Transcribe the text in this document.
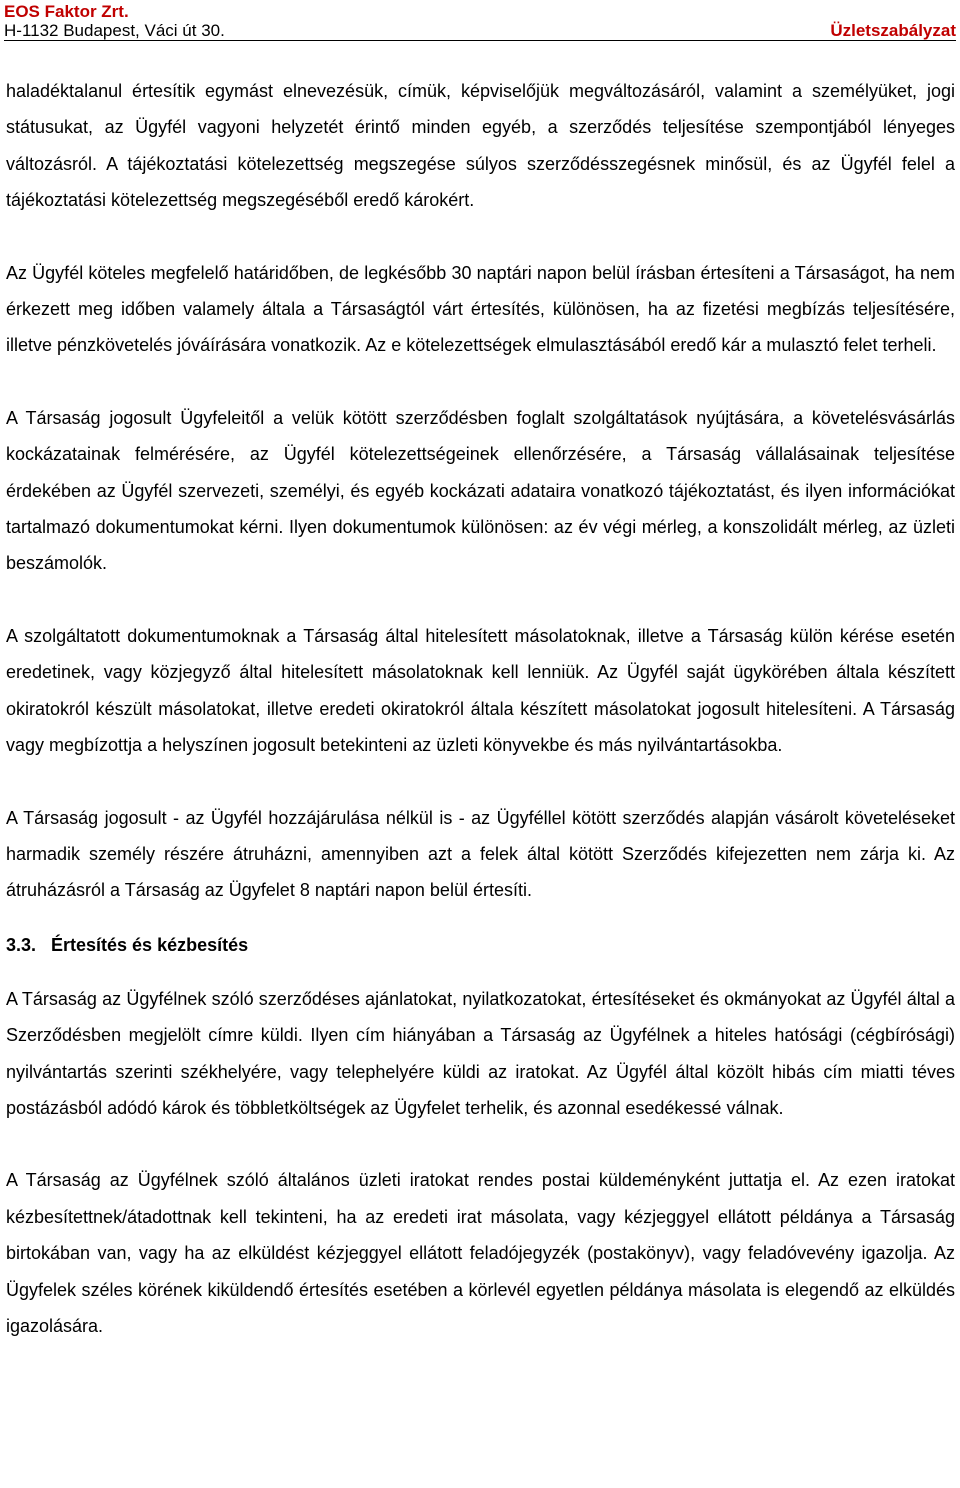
EOS Faktor Zrt.
H-1132 Budapest, Váci út 30.	Üzletszabályzat

haladéktalanul értesítik egymást elnevezésük, címük, képviselőjük megváltozásáról, valamint a személyüket, jogi státusukat, az Ügyfél vagyoni helyzetét érintő minden egyéb, a szerződés teljesítése szempontjából lényeges változásról. A tájékoztatási kötelezettség megszegése súlyos szerződésszegésnek minősül, és az Ügyfél felel a tájékoztatási kötelezettség megszegéséből eredő károkért.

Az Ügyfél köteles megfelelő határidőben, de legkésőbb 30 naptári napon belül írásban értesíteni a Társaságot, ha nem érkezett meg időben valamely általa a Társaságtól várt értesítés, különösen, ha az fizetési megbízás teljesítésére, illetve pénzkövetelés jóváírására vonatkozik. Az e kötelezettségek elmulasztásából eredő kár a mulasztó felet terheli.

A Társaság jogosult Ügyfeleitől a velük kötött szerződésben foglalt szolgáltatások nyújtására, a követelésvásárlás kockázatainak felmérésére, az Ügyfél kötelezettségeinek ellenőrzésére, a Társaság vállalásainak teljesítése érdekében az Ügyfél szervezeti, személyi, és egyéb kockázati adataira vonatkozó tájékoztatást, és ilyen információkat tartalmazó dokumentumokat kérni. Ilyen dokumentumok különösen: az év végi mérleg, a konszolidált mérleg, az üzleti beszámolók.

A szolgáltatott dokumentumoknak a Társaság által hitelesített másolatoknak, illetve a Társaság külön kérése esetén eredetinek, vagy közjegyző által hitelesített másolatoknak kell lenniük. Az Ügyfél saját ügykörében általa készített okiratokról készült másolatokat, illetve eredeti okiratokról általa készített másolatokat jogosult hitelesíteni. A Társaság vagy megbízottja a helyszínen jogosult betekinteni az üzleti könyvekbe és más nyilvántartásokba.

A Társaság jogosult - az Ügyfél hozzájárulása nélkül is - az Ügyféllel kötött szerződés alapján vásárolt követeléseket harmadik személy részére átruházni, amennyiben azt a felek által kötött Szerződés kifejezetten nem zárja ki. Az átruházásról a Társaság az Ügyfelet 8 naptári napon belül értesíti.

3.3. Értesítés és kézbesítés

A Társaság az Ügyfélnek szóló szerződéses ajánlatokat, nyilatkozatokat, értesítéseket és okmányokat az Ügyfél által a Szerződésben megjelölt címre küldi. Ilyen cím hiányában a Társaság az Ügyfélnek a hiteles hatósági (cégbírósági) nyilvántartás szerinti székhelyére, vagy telephelyére küldi az iratokat. Az Ügyfél által közölt hibás cím miatti téves postázásból adódó károk és többletköltségek az Ügyfelet terhelik, és azonnal esedékessé válnak.

A Társaság az Ügyfélnek szóló általános üzleti iratokat rendes postai küldeményként juttatja el. Az ezen iratokat kézbesítettnek/átadottnak kell tekinteni, ha az eredeti irat másolata, vagy kézjeggyel ellátott példánya a Társaság birtokában van, vagy ha az elküldést kézjeggyel ellátott feladójegyzék (postakönyv), vagy feladóvevény igazolja. Az Ügyfelek széles körének kiküldendő értesítés esetében a körlevél egyetlen példánya másolata is elegendő az elküldés igazolására.
